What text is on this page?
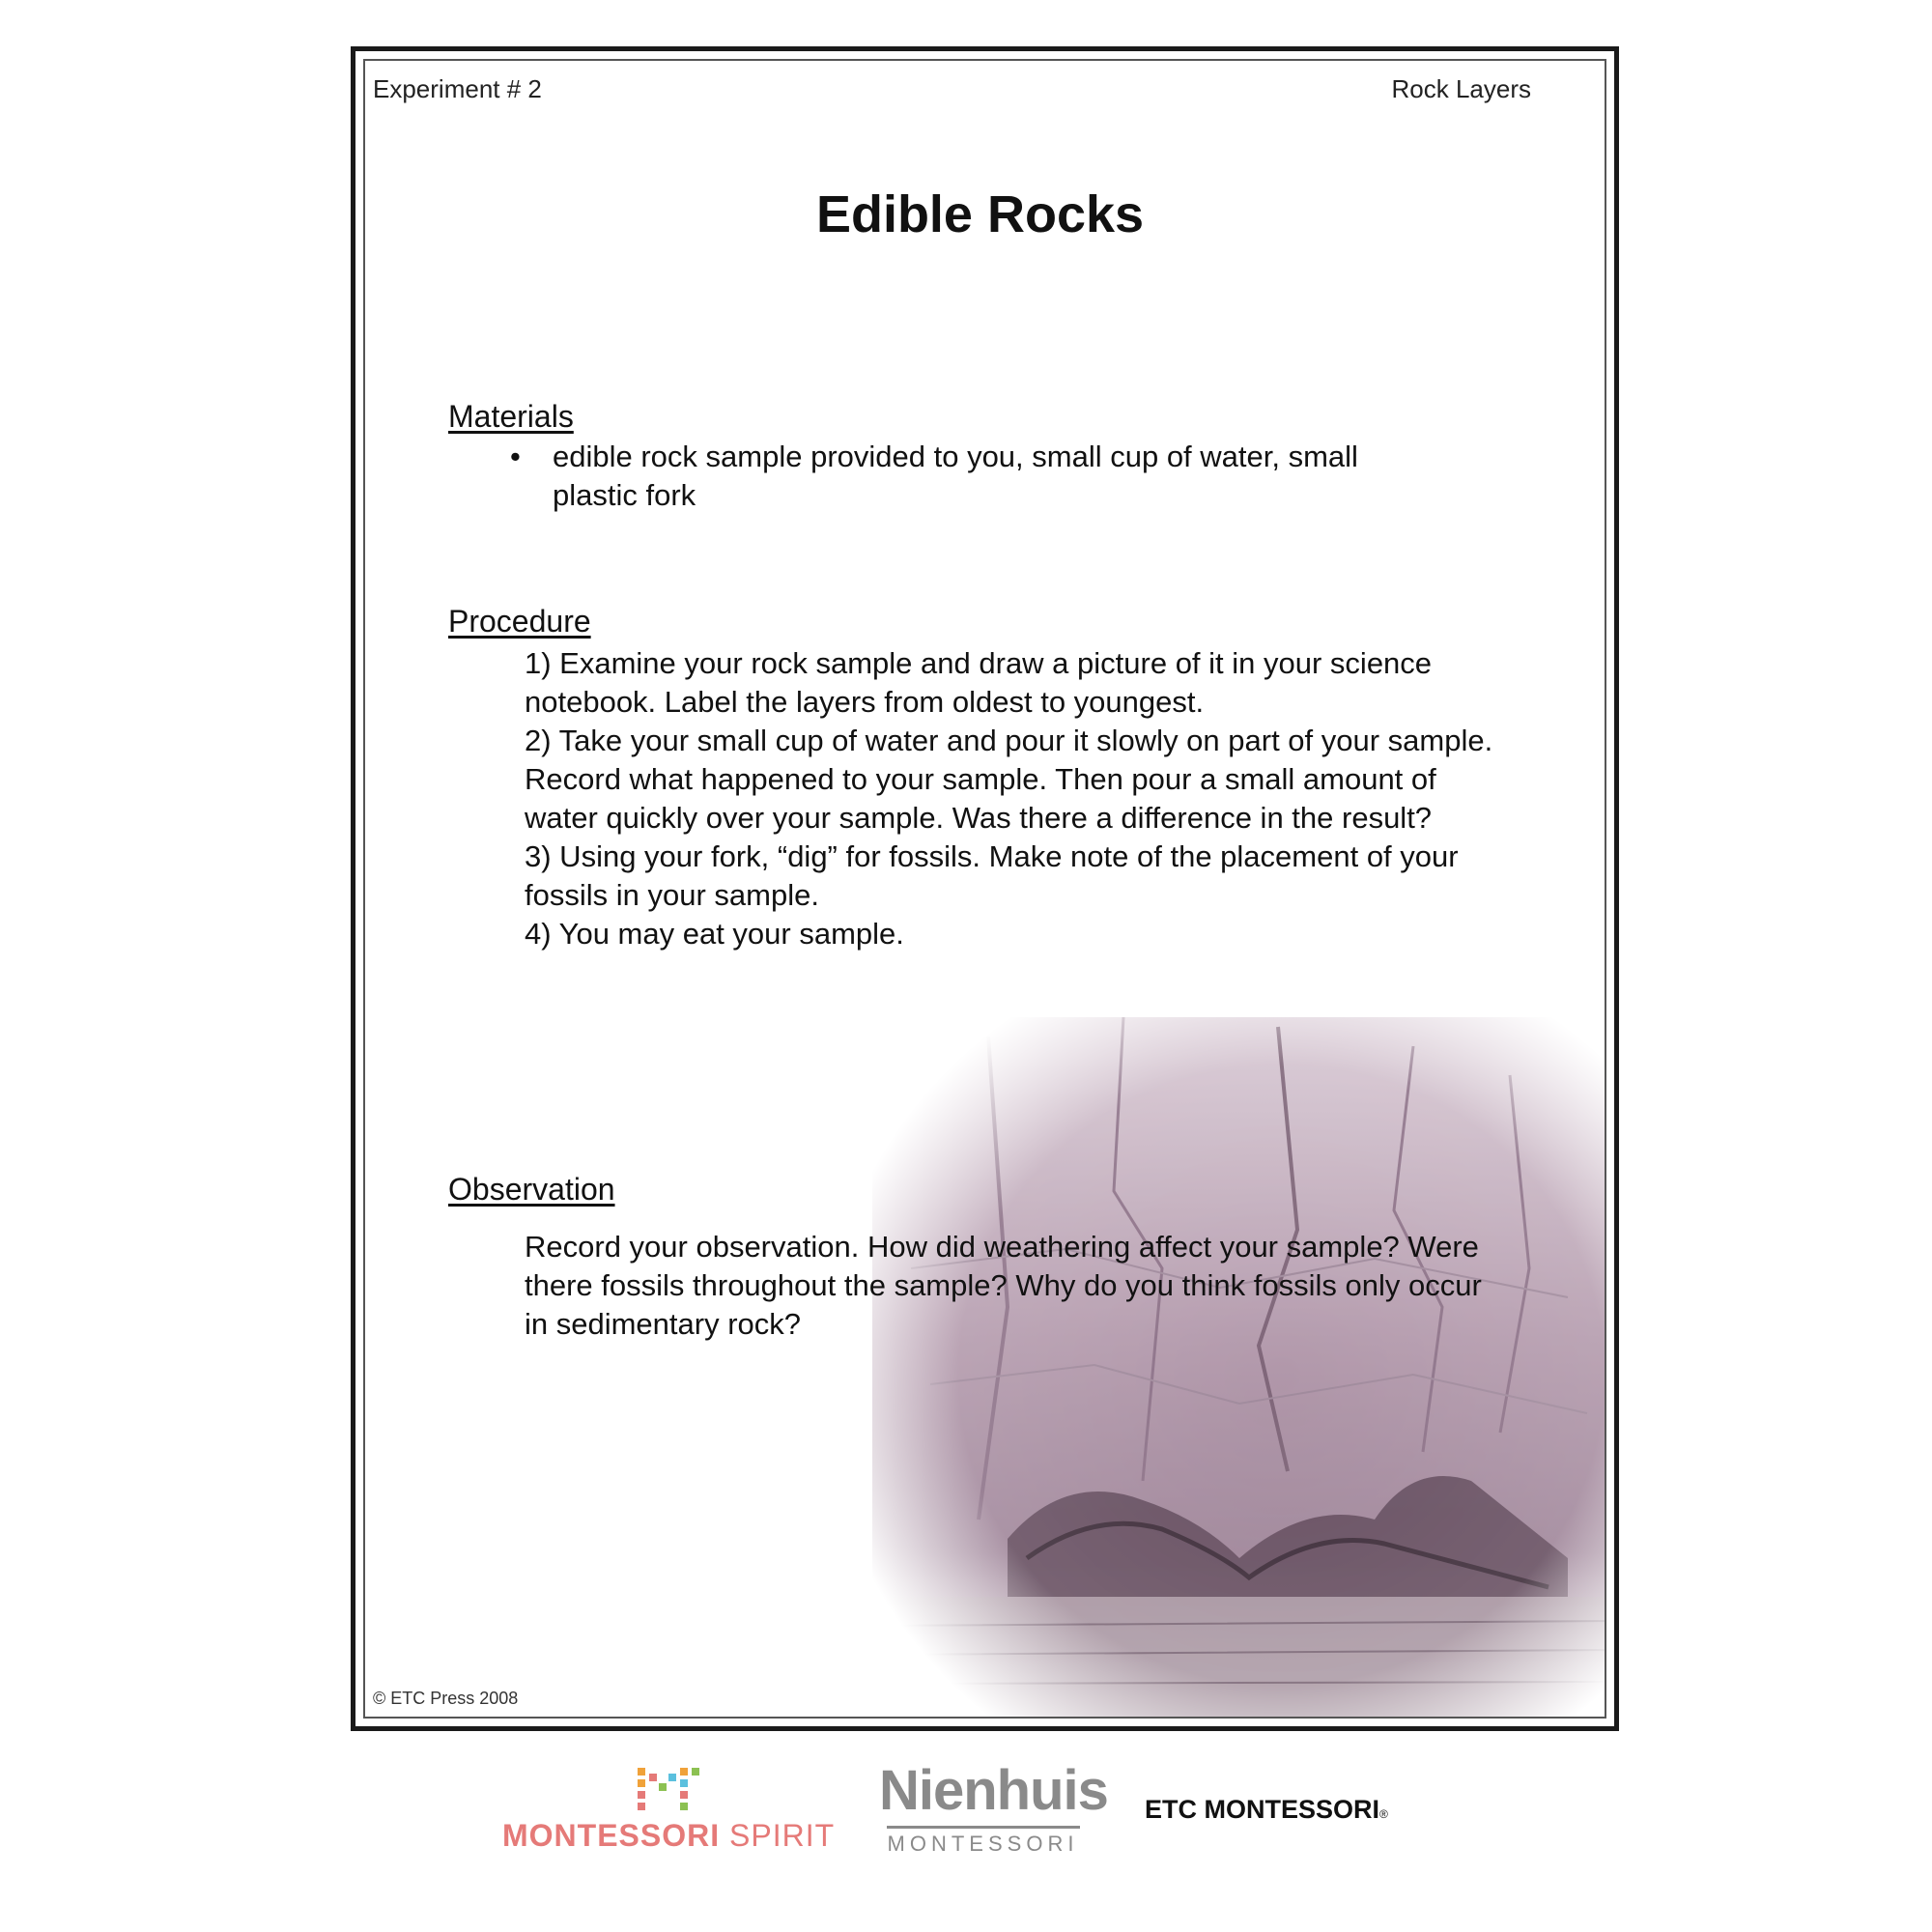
Experiment # 2	Rock Layers
Edible Rocks
Materials
• edible rock sample provided to you, small cup of water, small plastic fork
Procedure

1) Examine your rock sample and draw a picture of it in your science notebook. Label the layers from oldest to youngest.

2) Take your small cup of water and pour it slowly on part of your sample. Record what happened to your sample. Then pour a small amount of water quickly over your sample. Was there a difference in the result?

3) Using your fork, “dig” for fossils. Make note of the placement of your fossils in your sample.

4) You may eat your sample.

Observation

Record your observation. How did weathering affect your sample? Were there fossils throughout the sample? Why do you think fossils only occur in sedimentary rock?

© ETC Press 2008
MONTESSORI SPIRIT
Nienhuis
MONTESSORI
ETC MONTESSORI®
